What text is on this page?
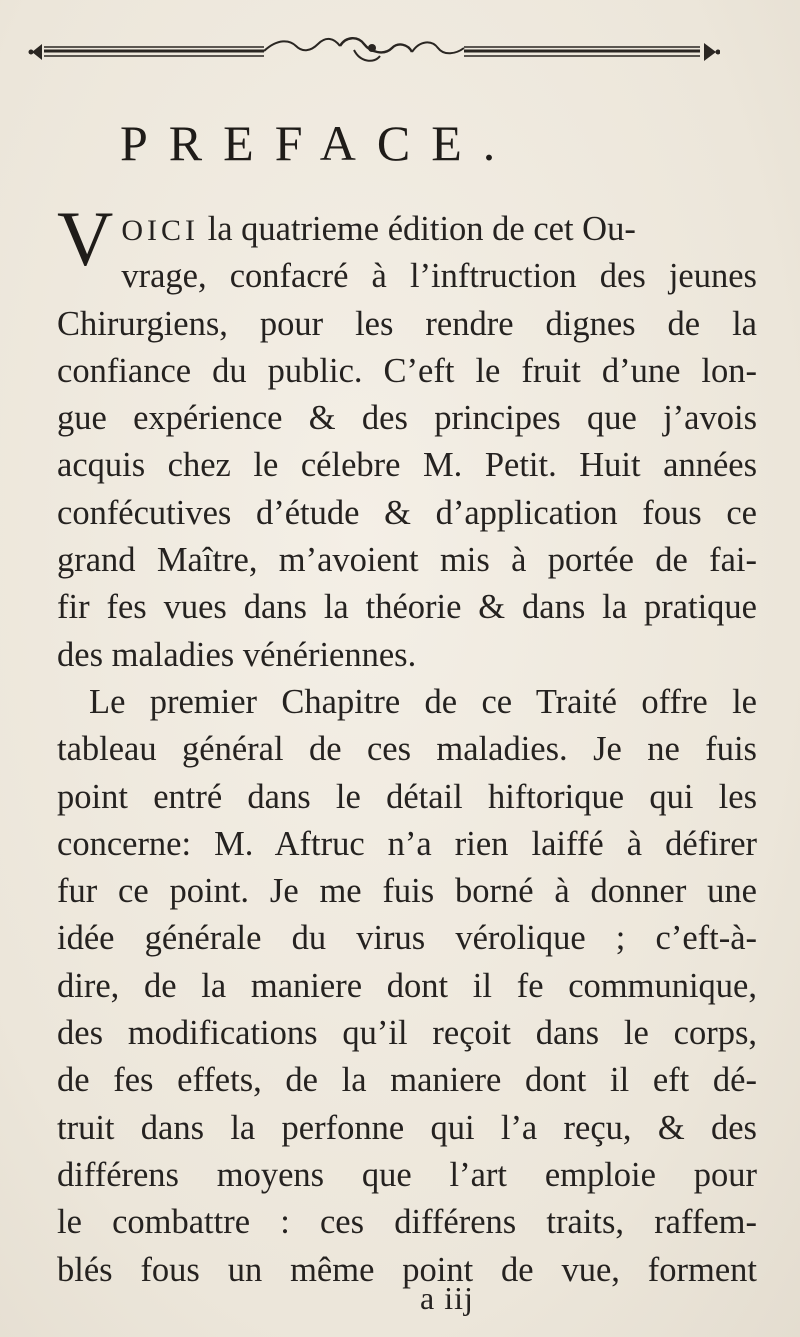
PREFACE.
V OICI la quatrieme édition de cet Ou-
vrage, confacré à l’inftruction des jeunes
Chirurgiens, pour les rendre dignes de la
confiance du public. C’eft le fruit d’une lon-
gue expérience & des principes que j’avois
acquis chez le célebre M. Petit. Huit années
confécutives d’étude & d’application fous ce
grand Maître, m’avoient mis à portée de fai-
fir fes vues dans la théorie & dans la pratique
des maladies vénériennes.
Le premier Chapitre de ce Traité offre le
tableau général de ces maladies. Je ne fuis
point entré dans le détail hiftorique qui les
concerne: M. Aftruc n’a rien laiffé à défirer
fur ce point. Je me fuis borné à donner une
idée générale du virus vérolique ; c’eft-à-
dire, de la maniere dont il fe communique,
des modifications qu’il reçoit dans le corps,
de fes effets, de la maniere dont il eft dé-
truit dans la perfonne qui l’a reçu, & des
différens moyens que l’art emploie pour
le combattre : ces différens traits, raffem-
blés fous un même point de vue, forment
a iij
